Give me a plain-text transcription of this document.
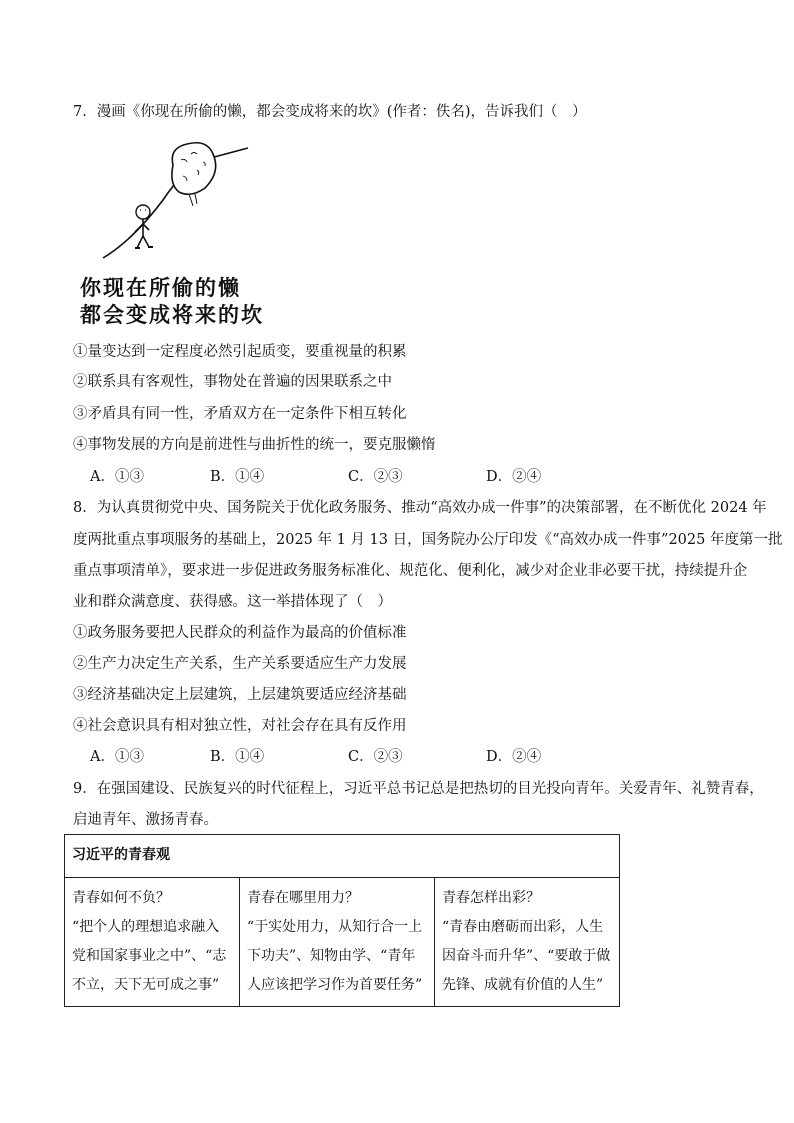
7．漫画《你现在所偷的懒，都会变成将来的坎》(作者：佚名)，告诉我们（　）
你现在所偷的懒
都会变成将来的坎
①量变达到一定程度必然引起质变，要重视量的积累
②联系具有客观性，事物处在普遍的因果联系之中
③矛盾具有同一性，矛盾双方在一定条件下相互转化
④事物发展的方向是前进性与曲折性的统一，要克服懒惰
A．①③	B．①④	C．②③	D．②④
8．为认真贯彻党中央、国务院关于优化政务服务、推动“高效办成一件事”的决策部署，在不断优化 2024 年
度两批重点事项服务的基础上，2025 年 1 月 13 日，国务院办公厅印发《“高效办成一件事”2025 年度第一批
重点事项清单》，要求进一步促进政务服务标准化、规范化、便利化，减少对企业非必要干扰，持续提升企
业和群众满意度、获得感。这一举措体现了（　）
①政务服务要把人民群众的利益作为最高的价值标准
②生产力决定生产关系，生产关系要适应生产力发展
③经济基础决定上层建筑，上层建筑要适应经济基础
④社会意识具有相对独立性，对社会存在具有反作用
A．①③	B．①④	C．②③	D．②④
9．在强国建设、民族复兴的时代征程上，习近平总书记总是把热切的目光投向青年。关爱青年、礼赞青春，
启迪青年、激扬青春。
习近平的青春观

青春如何不负？
“把个人的理想追求融入党和国家事业之中”、“志不立，天下无可成之事”

青春在哪里用力？
“于实处用力，从知行合一上下功夫”、知物由学、“青年人应该把学习作为首要任务”

青春怎样出彩？
“青春由磨砺而出彩，人生因奋斗而升华”、“要敢于做先锋、成就有价值的人生”
